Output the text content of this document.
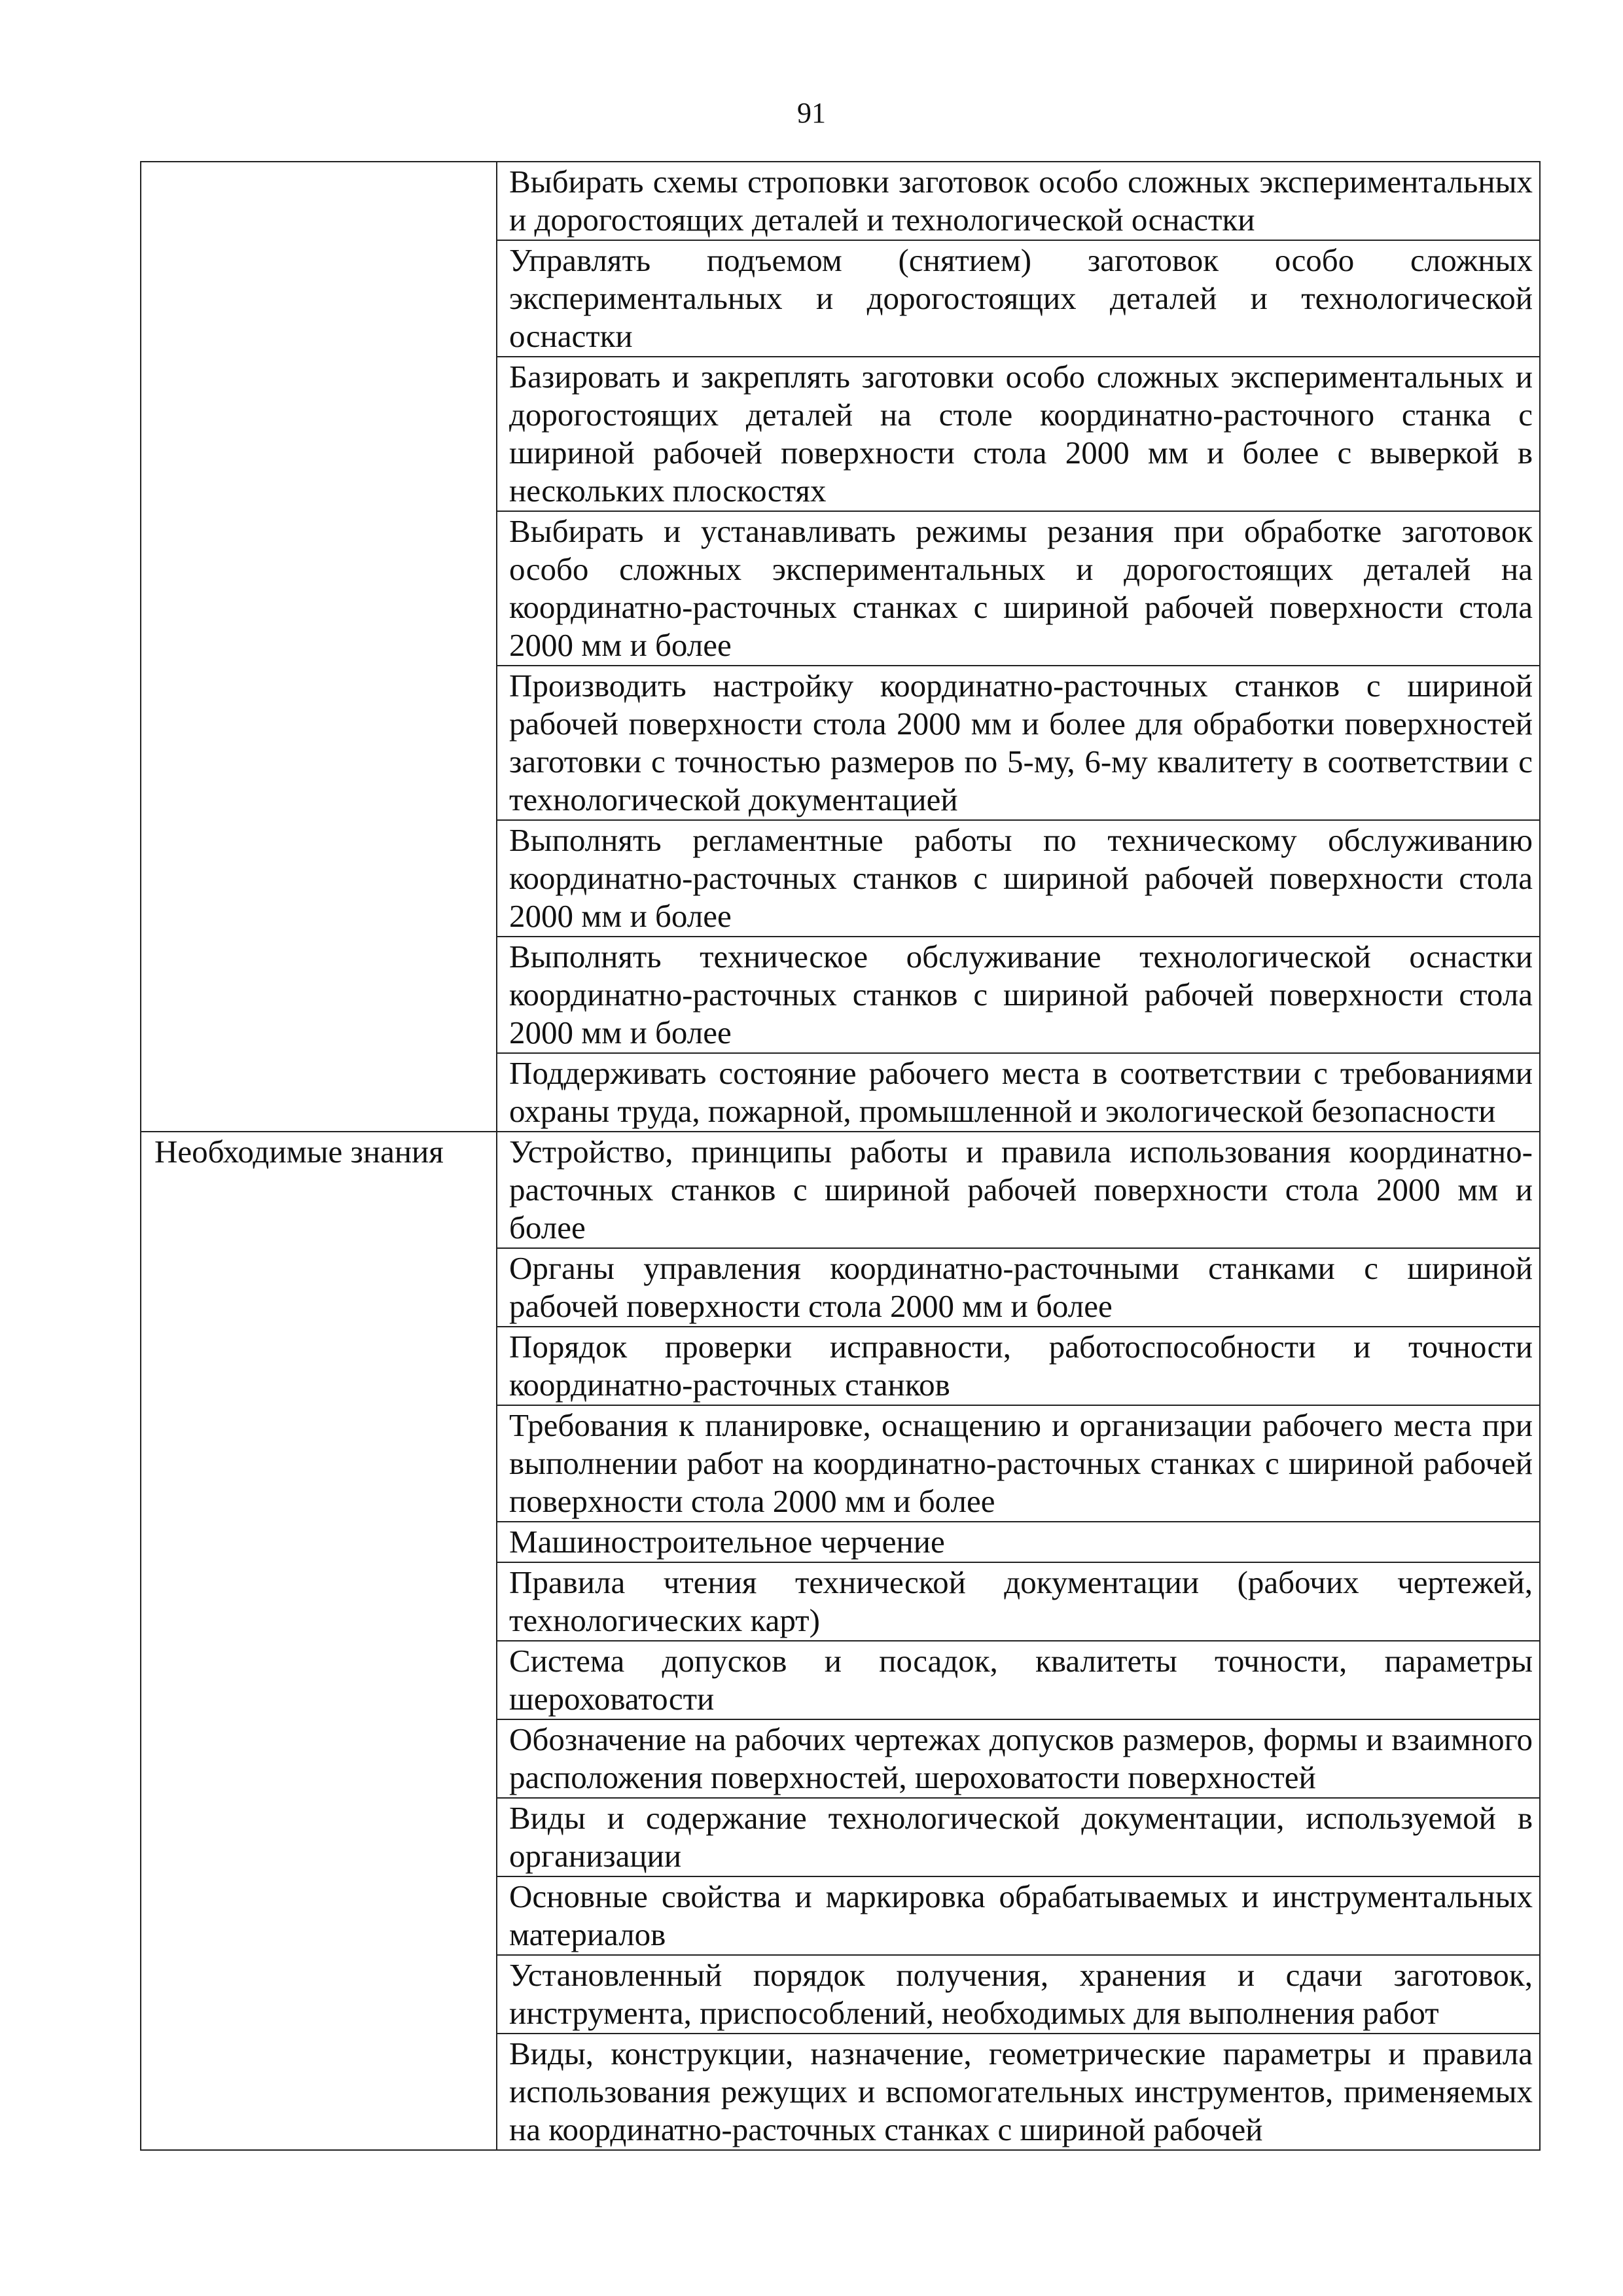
91
	Выбирать схемы строповки заготовок особо сложных экспериментальных и дорогостоящих деталей и технологической оснастки
	Управлять подъемом (снятием) заготовок особо сложных экспериментальных и дорогостоящих деталей и технологической оснастки
	Базировать и закреплять заготовки особо сложных экспериментальных и дорогостоящих деталей на столе координатно-расточного станка с шириной рабочей поверхности стола 2000 мм и более с выверкой в нескольких плоскостях
	Выбирать и устанавливать режимы резания при обработке заготовок особо сложных экспериментальных и дорогостоящих деталей на координатно-расточных станках с шириной рабочей поверхности стола 2000 мм и более
	Производить настройку координатно-расточных станков с шириной рабочей поверхности стола 2000 мм и более для обработки поверхностей заготовки с точностью размеров по 5-му, 6-му квалитету в соответствии с технологической документацией
	Выполнять регламентные работы по техническому обслуживанию координатно-расточных станков с шириной рабочей поверхности стола 2000 мм и более
	Выполнять техническое обслуживание технологической оснастки координатно-расточных станков с шириной рабочей поверхности стола 2000 мм и более
	Поддерживать состояние рабочего места в соответствии с требованиями охраны труда, пожарной, промышленной и экологической безопасности
Необходимые знания	Устройство, принципы работы и правила использования координатно-расточных станков с шириной рабочей поверхности стола 2000 мм и более
	Органы управления координатно-расточными станками с шириной рабочей поверхности стола 2000 мм и более
	Порядок проверки исправности, работоспособности и точности координатно-расточных станков
	Требования к планировке, оснащению и организации рабочего места при выполнении работ на координатно-расточных станках с шириной рабочей поверхности стола 2000 мм и более
	Машиностроительное черчение
	Правила чтения технической документации (рабочих чертежей, технологических карт)
	Система допусков и посадок, квалитеты точности, параметры шероховатости
	Обозначение на рабочих чертежах допусков размеров, формы и взаимного расположения поверхностей, шероховатости поверхностей
	Виды и содержание технологической документации, используемой в организации
	Основные свойства и маркировка обрабатываемых и инструментальных материалов
	Установленный порядок получения, хранения и сдачи заготовок, инструмента, приспособлений, необходимых для выполнения работ
	Виды, конструкции, назначение, геометрические параметры и правила использования режущих и вспомогательных инструментов, применяемых на координатно-расточных станках с шириной рабочей
